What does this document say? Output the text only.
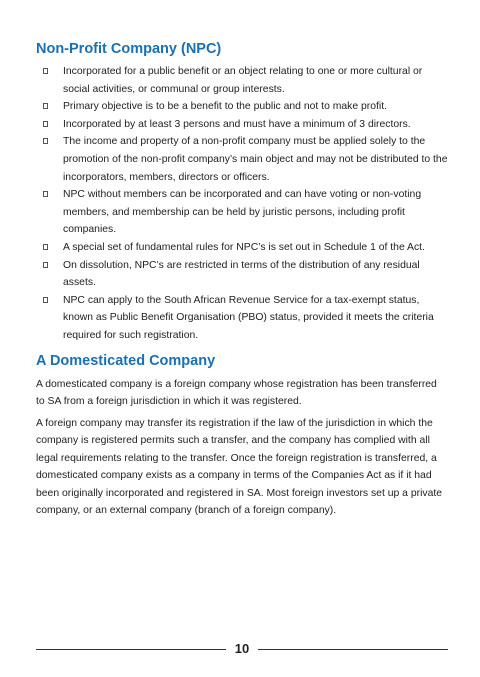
Non-Profit Company (NPC)
Incorporated for a public benefit or an object relating to one or more cultural or social activities, or communal or group interests.
Primary objective is to be a benefit to the public and not to make profit.
Incorporated by at least 3 persons and must have a minimum of 3 directors.
The income and property of a non-profit company must be applied solely to the promotion of the non-profit company’s main object and may not be distributed to the incorporators, members, directors or officers.
NPC without members can be incorporated and can have voting or non-voting members, and membership can be held by juristic persons, including profit companies.
A special set of fundamental rules for NPC’s is set out in Schedule 1 of the Act.
On dissolution, NPC’s are restricted in terms of the distribution of any residual assets.
NPC can apply to the South African Revenue Service for a tax-exempt status, known as Public Benefit Organisation (PBO) status, provided it meets the criteria required for such registration.
A Domesticated Company

A domesticated company is a foreign company whose registration has been transferred to SA from a foreign jurisdiction in which it was registered.

A foreign company may transfer its registration if the law of the jurisdiction in which the company is registered permits such a transfer, and the company has complied with all legal requirements relating to the transfer. Once the foreign registration is transferred, a domesticated company exists as a company in terms of the Companies Act as if it had been originally incorporated and registered in SA. Most foreign investors set up a private company, or an external company (branch of a foreign company).

10
